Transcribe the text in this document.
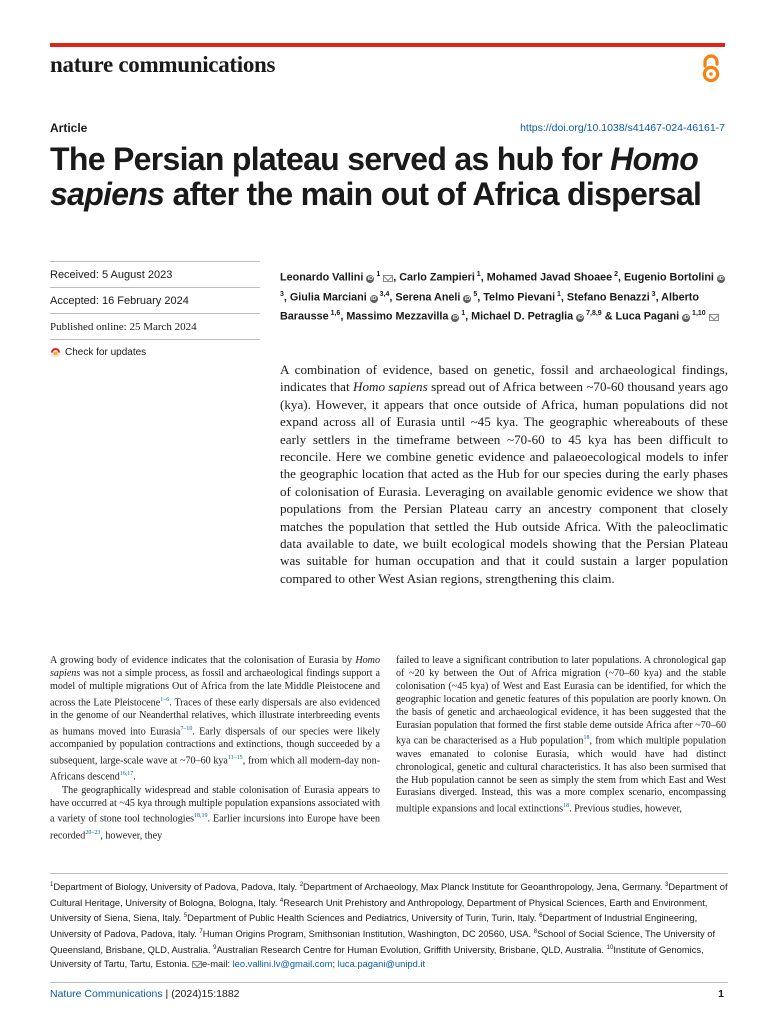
nature communications
Article	https://doi.org/10.1038/s41467-024-46161-7
The Persian plateau served as hub for Homo sapiens after the main out of Africa dispersal
Received: 5 August 2023
Accepted: 16 February 2024
Published online: 25 March 2024
Check for updates

Leonardo Vallini iD $^1$ , Carlo Zampieri $^1$, Mohamed Javad Shoaee $^2$, Eugenio Bortolini iD $^3$, Giulia Marciani iD $^{3,4}$, Serena Aneli iD $^5$, Telmo Pievani $^1$, Stefano Benazzi $^3$, Alberto Barausse $^{1,6}$, Massimo Mezzavilla iD $^1$, Michael D. Petraglia iD $^{7,8,9}$ & Luca Pagani iD $^{1,10}$

A combination of evidence, based on genetic, fossil and archaeological findings, indicates that Homo sapiens spread out of Africa between ~70-60 thousand years ago (kya). However, it appears that once outside of Africa, human populations did not expand across all of Eurasia until ~45 kya. The geographic whereabouts of these early settlers in the timeframe between ~70-60 to 45 kya has been difficult to reconcile. Here we combine genetic evidence and palaeoecological models to infer the geographic location that acted as the Hub for our species during the early phases of colonisation of Eurasia. Leveraging on available genomic evidence we show that populations from the Persian Plateau carry an ancestry component that closely matches the population that settled the Hub outside Africa. With the paleoclimatic data available to date, we built ecological models showing that the Persian Plateau was suitable for human occupation and that it could sustain a larger population compared to other West Asian regions, strengthening this claim.

A growing body of evidence indicates that the colonisation of Eurasia by Homo sapiens was not a simple process, as fossil and archaeological findings support a model of multiple migrations Out of Africa from the late Middle Pleistocene and across the Late Pleistocene$^{1-6}$. Traces of these early dispersals are also evidenced in the genome of our Neanderthal relatives, which illustrate interbreeding events as humans moved into Eurasia$^{7-10}$. Early dispersals of our species were likely accompanied by population contractions and extinctions, though succeeded by a subsequent, large-scale wave at ~70–60 kya$^{11-15}$, from which all modern-day non-Africans descend$^{16,17}$.

The geographically widespread and stable colonisation of Eurasia appears to have occurred at ~45 kya through multiple population expansions associated with a variety of stone tool technologies$^{18,19}$. Earlier incursions into Europe have been recorded$^{20-23}$, however, they

failed to leave a significant contribution to later populations. A chronological gap of ~20 ky between the Out of Africa migration (~70–60 kya) and the stable colonisation (~45 kya) of West and East Eurasia can be identified, for which the geographic location and genetic features of this population are poorly known. On the basis of genetic and archaeological evidence, it has been suggested that the Eurasian population that formed the first stable deme outside Africa after ~70–60 kya can be characterised as a Hub population$^{18}$, from which multiple population waves emanated to colonise Eurasia, which would have had distinct chronological, genetic and cultural characteristics. It has also been surmised that the Hub population cannot be seen as simply the stem from which East and West Eurasians diverged. Instead, this was a more complex scenario, encompassing multiple expansions and local extinctions$^{18}$. Previous studies, however,

$^1$Department of Biology, University of Padova, Padova, Italy. $^2$Department of Archaeology, Max Planck Institute for Geoanthropology, Jena, Germany. $^3$Department of Cultural Heritage, University of Bologna, Bologna, Italy. $^4$Research Unit Prehistory and Anthropology, Department of Physical Sciences, Earth and Environment, University of Siena, Siena, Italy. $^5$Department of Public Health Sciences and Pediatrics, University of Turin, Turin, Italy. $^6$Department of Industrial Engineering, University of Padova, Padova, Italy. $^7$Human Origins Program, Smithsonian Institution, Washington, DC 20560, USA. $^8$School of Social Science, The University of Queensland, Brisbane, QLD, Australia. $^9$Australian Research Centre for Human Evolution, Griffith University, Brisbane, QLD, Australia. $^{10}$Institute of Genomics, University of Tartu, Tartu, Estonia. e-mail: leo.vallini.lv@gmail.com; luca.pagani@unipd.it

Nature Communications | (2024)15:1882	1
